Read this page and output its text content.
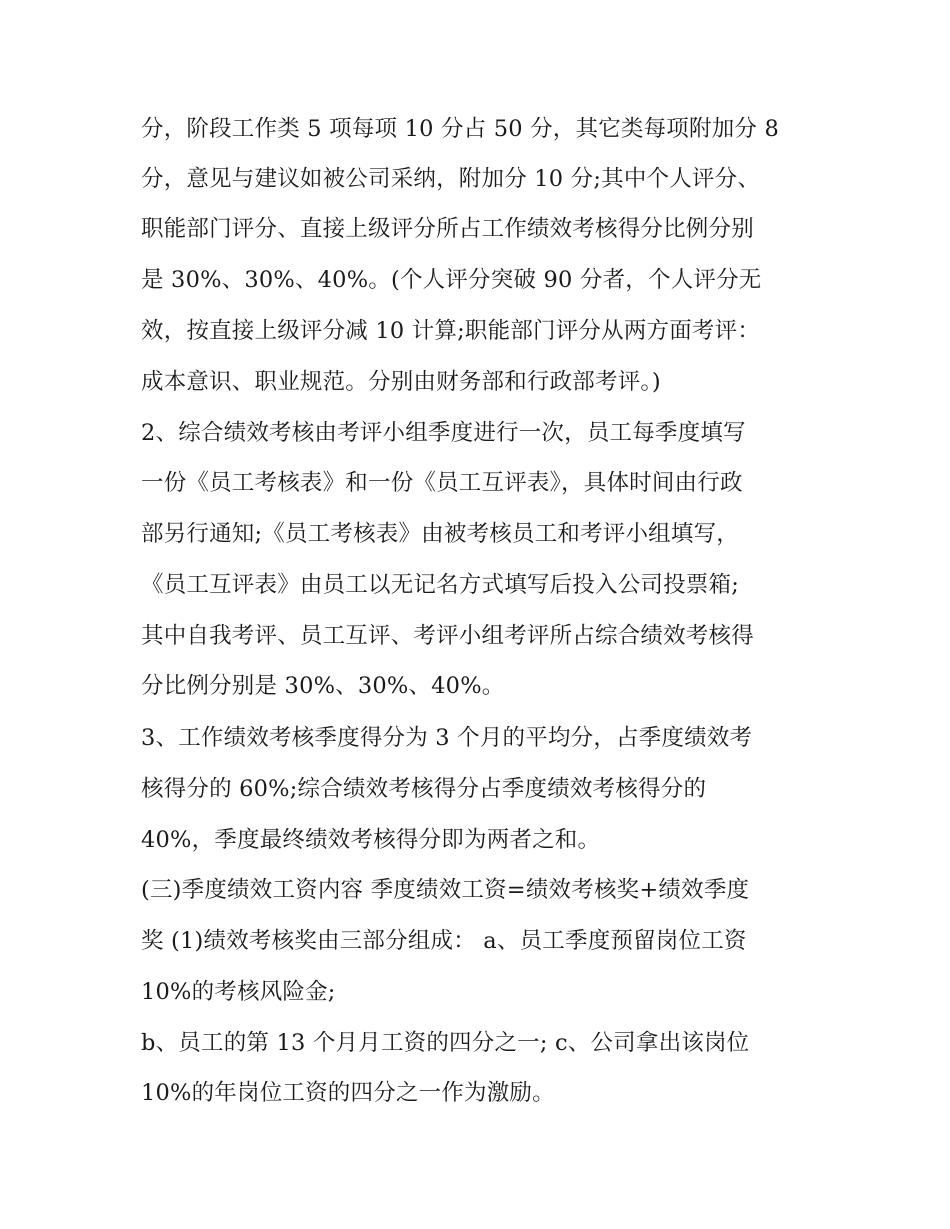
分，阶段工作类 5 项每项 10 分占 50 分，其它类每项附加分 8
分，意见与建议如被公司采纳，附加分 10 分;其中个人评分、
职能部门评分、直接上级评分所占工作绩效考核得分比例分别
是 30%、30%、40%。(个人评分突破 90 分者，个人评分无
效，按直接上级评分减 10 计算;职能部门评分从两方面考评：
成本意识、职业规范。分别由财务部和行政部考评。)
2、综合绩效考核由考评小组季度进行一次，员工每季度填写
一份《员工考核表》和一份《员工互评表》，具体时间由行政
部另行通知;《员工考核表》由被考核员工和考评小组填写，
《员工互评表》由员工以无记名方式填写后投入公司投票箱;
其中自我考评、员工互评、考评小组考评所占综合绩效考核得
分比例分别是 30%、30%、40%。
3、工作绩效考核季度得分为 3 个月的平均分，占季度绩效考
核得分的 60%;综合绩效考核得分占季度绩效考核得分的
40%，季度最终绩效考核得分即为两者之和。
(三)季度绩效工资内容 季度绩效工资=绩效考核奖+绩效季度
奖 (1)绩效考核奖由三部分组成： a、员工季度预留岗位工资
10%的考核风险金;
b、员工的第 13 个月月工资的四分之一; c、公司拿出该岗位
10%的年岗位工资的四分之一作为激励。
